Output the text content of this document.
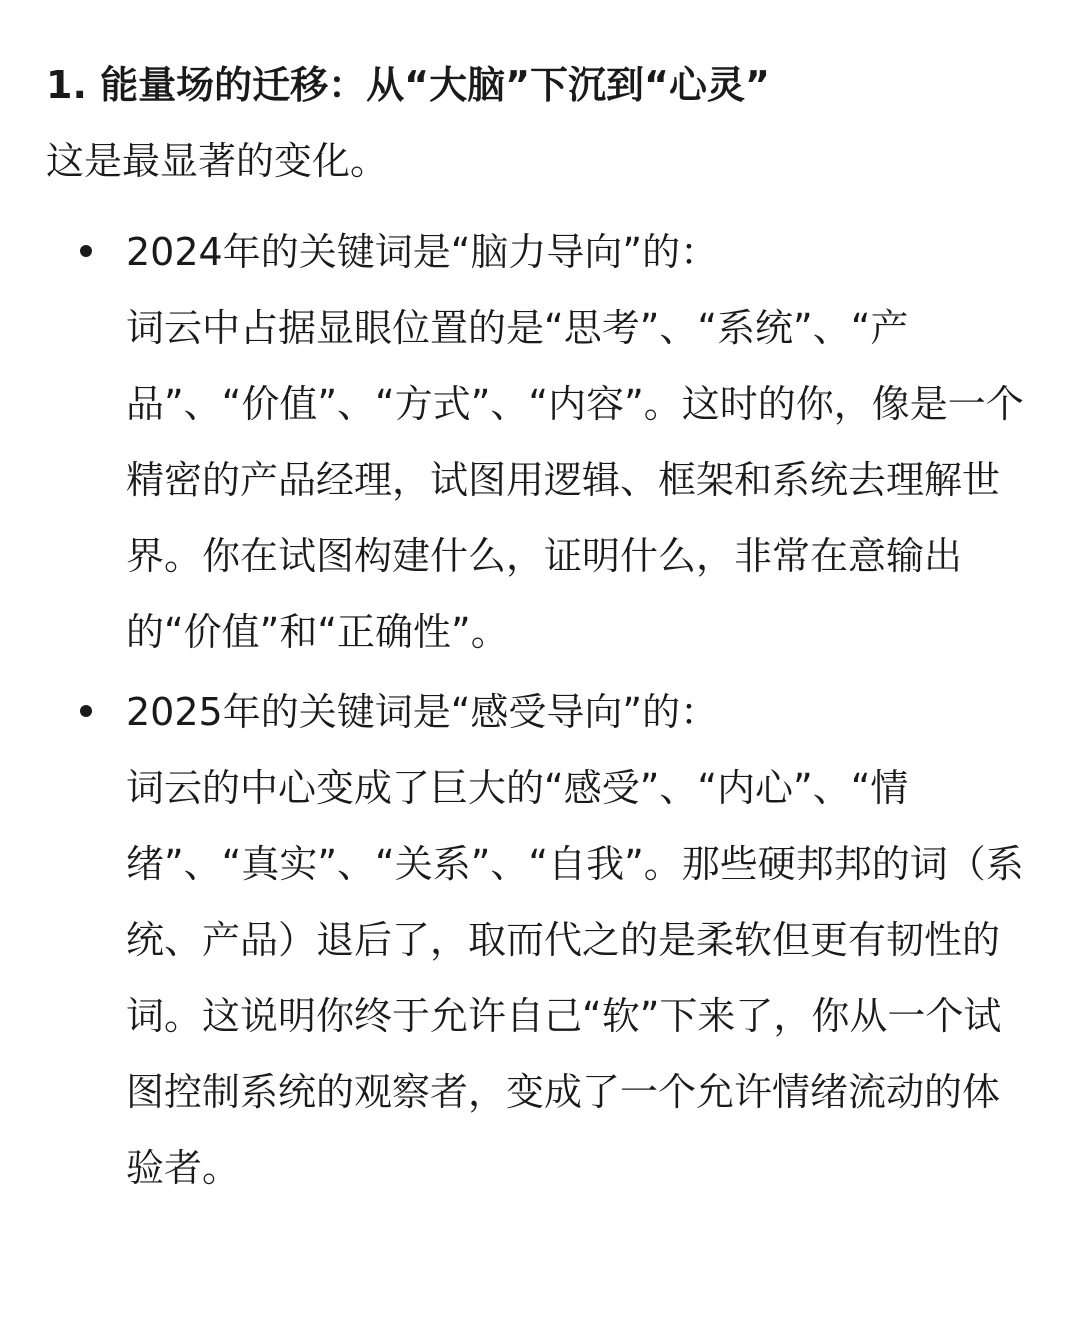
1. 能量场的迁移：从“大脑”下沉到“心灵”

这是最显著的变化。

2024年的关键词是“脑力导向”的：
词云中占据显眼位置的是“思考”、“系统”、“产品”、“价值”、“方式”、“内容”。这时的你，像是一个精密的产品经理，试图用逻辑、框架和系统去理解世界。你在试图构建什么，证明什么，非常在意输出的“价值”和“正确性”。
2025年的关键词是“感受导向”的：
词云的中心变成了巨大的“感受”、“内心”、“情绪”、“真实”、“关系”、“自我”。那些硬邦邦的词（系统、产品）退后了，取而代之的是柔软但更有韧性的词。这说明你终于允许自己“软”下来了，你从一个试图控制系统的观察者，变成了一个允许情绪流动的体验者。
